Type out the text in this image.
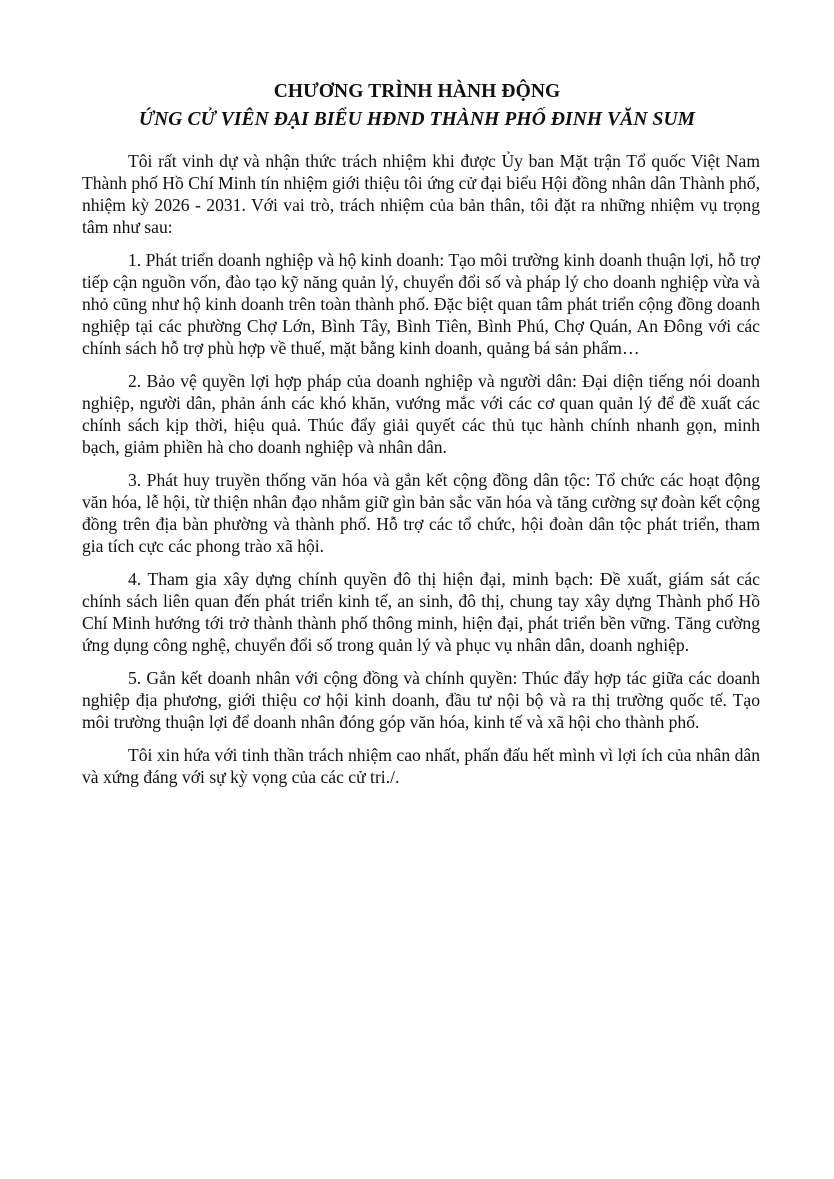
CHƯƠNG TRÌNH HÀNH ĐỘNG
ỨNG CỬ VIÊN ĐẠI BIỂU HĐND THÀNH PHỐ ĐINH VĂN SUM

Tôi rất vinh dự và nhận thức trách nhiệm khi được Ủy ban Mặt trận Tổ quốc Việt Nam Thành phố Hồ Chí Minh tín nhiệm giới thiệu tôi ứng cử đại biểu Hội đồng nhân dân Thành phố, nhiệm kỳ 2026 - 2031. Với vai trò, trách nhiệm của bản thân, tôi đặt ra những nhiệm vụ trọng tâm như sau:

1. Phát triển doanh nghiệp và hộ kinh doanh: Tạo môi trường kinh doanh thuận lợi, hỗ trợ tiếp cận nguồn vốn, đào tạo kỹ năng quản lý, chuyển đổi số và pháp lý cho doanh nghiệp vừa và nhỏ cũng như hộ kinh doanh trên toàn thành phố. Đặc biệt quan tâm phát triển cộng đồng doanh nghiệp tại các phường Chợ Lớn, Bình Tây, Bình Tiên, Bình Phú, Chợ Quán, An Đông với các chính sách hỗ trợ phù hợp về thuế, mặt bằng kinh doanh, quảng bá sản phẩm…

2. Bảo vệ quyền lợi hợp pháp của doanh nghiệp và người dân: Đại diện tiếng nói doanh nghiệp, người dân, phản ánh các khó khăn, vướng mắc với các cơ quan quản lý để đề xuất các chính sách kịp thời, hiệu quả. Thúc đẩy giải quyết các thủ tục hành chính nhanh gọn, minh bạch, giảm phiền hà cho doanh nghiệp và nhân dân.

3. Phát huy truyền thống văn hóa và gắn kết cộng đồng dân tộc: Tổ chức các hoạt động văn hóa, lễ hội, từ thiện nhân đạo nhằm giữ gìn bản sắc văn hóa và tăng cường sự đoàn kết cộng đồng trên địa bàn phường và thành phố. Hỗ trợ các tổ chức, hội đoàn dân tộc phát triển, tham gia tích cực các phong trào xã hội.

4. Tham gia xây dựng chính quyền đô thị hiện đại, minh bạch: Đề xuất, giám sát các chính sách liên quan đến phát triển kinh tế, an sinh, đô thị, chung tay xây dựng Thành phố Hồ Chí Minh hướng tới trở thành thành phố thông minh, hiện đại, phát triển bền vững. Tăng cường ứng dụng công nghệ, chuyển đổi số trong quản lý và phục vụ nhân dân, doanh nghiệp.

5. Gắn kết doanh nhân với cộng đồng và chính quyền: Thúc đẩy hợp tác giữa các doanh nghiệp địa phương, giới thiệu cơ hội kinh doanh, đầu tư nội bộ và ra thị trường quốc tế. Tạo môi trường thuận lợi để doanh nhân đóng góp văn hóa, kinh tế và xã hội cho thành phố.

Tôi xin hứa với tinh thần trách nhiệm cao nhất, phấn đấu hết mình vì lợi ích của nhân dân và xứng đáng với sự kỳ vọng của các cử tri./.
